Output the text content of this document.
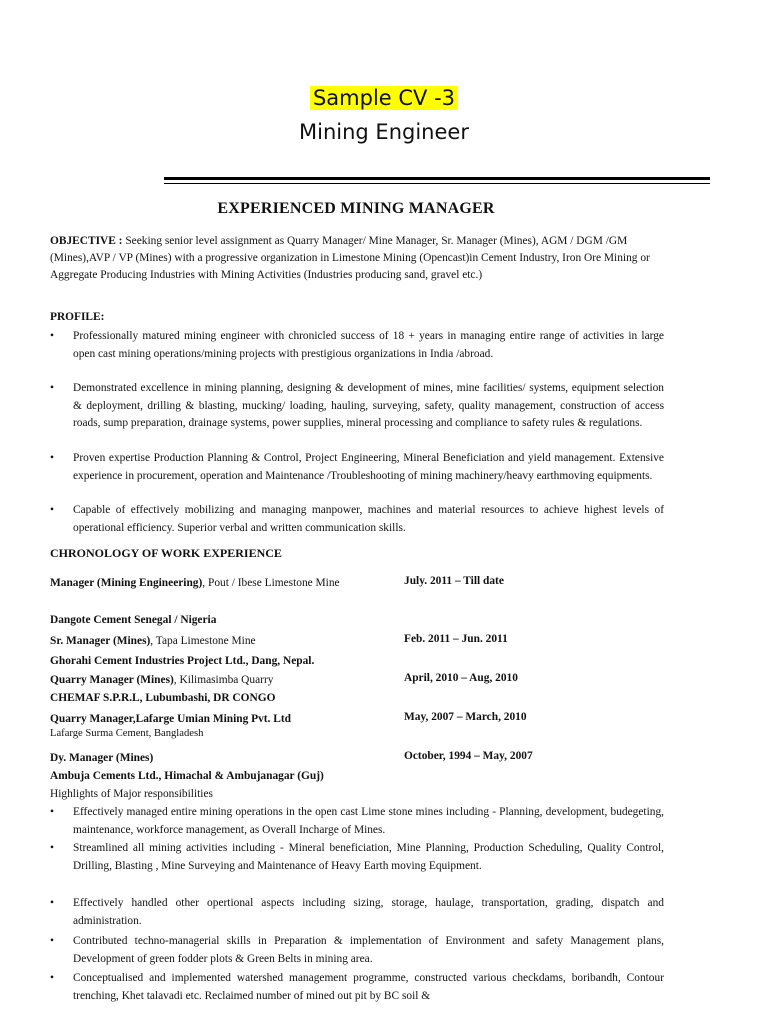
Sample CV -3
Mining Engineer
EXPERIENCED MINING MANAGER
OBJECTIVE : Seeking senior level assignment as Quarry Manager/ Mine Manager, Sr. Manager (Mines), AGM / DGM /GM (Mines),AVP / VP (Mines) with a progressive organization in Limestone Mining (Opencast)in Cement Industry, Iron Ore Mining or Aggregate Producing Industries with Mining Activities (Industries producing sand, gravel etc.)
PROFILE:
• Professionally matured mining engineer with chronicled success of 18 + years in managing entire range of activities in large open cast mining operations/mining projects with prestigious organizations in India /abroad.
• Demonstrated excellence in mining planning, designing & development of mines, mine facilities/ systems, equipment selection & deployment, drilling & blasting, mucking/ loading, hauling, surveying, safety, quality management, construction of access roads, sump preparation, drainage systems, power supplies, mineral processing and compliance to safety rules & regulations.
• Proven expertise Production Planning & Control, Project Engineering, Mineral Beneficiation and yield management. Extensive experience in procurement, operation and Maintenance /Troubleshooting of mining machinery/heavy earthmoving equipments.
• Capable of effectively mobilizing and managing manpower, machines and material resources to achieve highest levels of operational efficiency. Superior verbal and written communication skills.
CHRONOLOGY OF WORK EXPERIENCE
Manager (Mining Engineering), Pout / Ibese Limestone Mine	July. 2011 – Till date
Dangote Cement Senegal / Nigeria
Sr. Manager (Mines), Tapa Limestone Mine	Feb. 2011 – Jun. 2011
Ghorahi Cement Industries Project Ltd., Dang, Nepal.
Quarry Manager (Mines), Kilimasimba Quarry	April, 2010 – Aug, 2010
CHEMAF S.P.R.L, Lubumbashi, DR CONGO
Quarry Manager,Lafarge Umian Mining Pvt. Ltd	May, 2007 – March, 2010
Lafarge Surma Cement, Bangladesh
Dy. Manager (Mines)	October, 1994 – May, 2007
Ambuja Cements Ltd., Himachal & Ambujanagar (Guj)
Highlights of Major responsibilities
• Effectively managed entire mining operations in the open cast Lime stone mines including - Planning, development, budegeting, maintenance, workforce management, as Overall Incharge of Mines.
• Streamlined all mining activities including - Mineral beneficiation, Mine Planning, Production Scheduling, Quality Control, Drilling, Blasting , Mine Surveying and Maintenance of Heavy Earth moving Equipment.
• Effectively handled other opertional aspects including sizing, storage, haulage, transportation, grading, dispatch and administration.
• Contributed techno-managerial skills in Preparation & implementation of Environment and safety Management plans, Development of green fodder plots & Green Belts in mining area.
• Conceptualised and implemented watershed management programme, constructed various checkdams, boribandh, Contour trenching, Khet talavadi etc. Reclaimed number of mined out pit by BC soil &
